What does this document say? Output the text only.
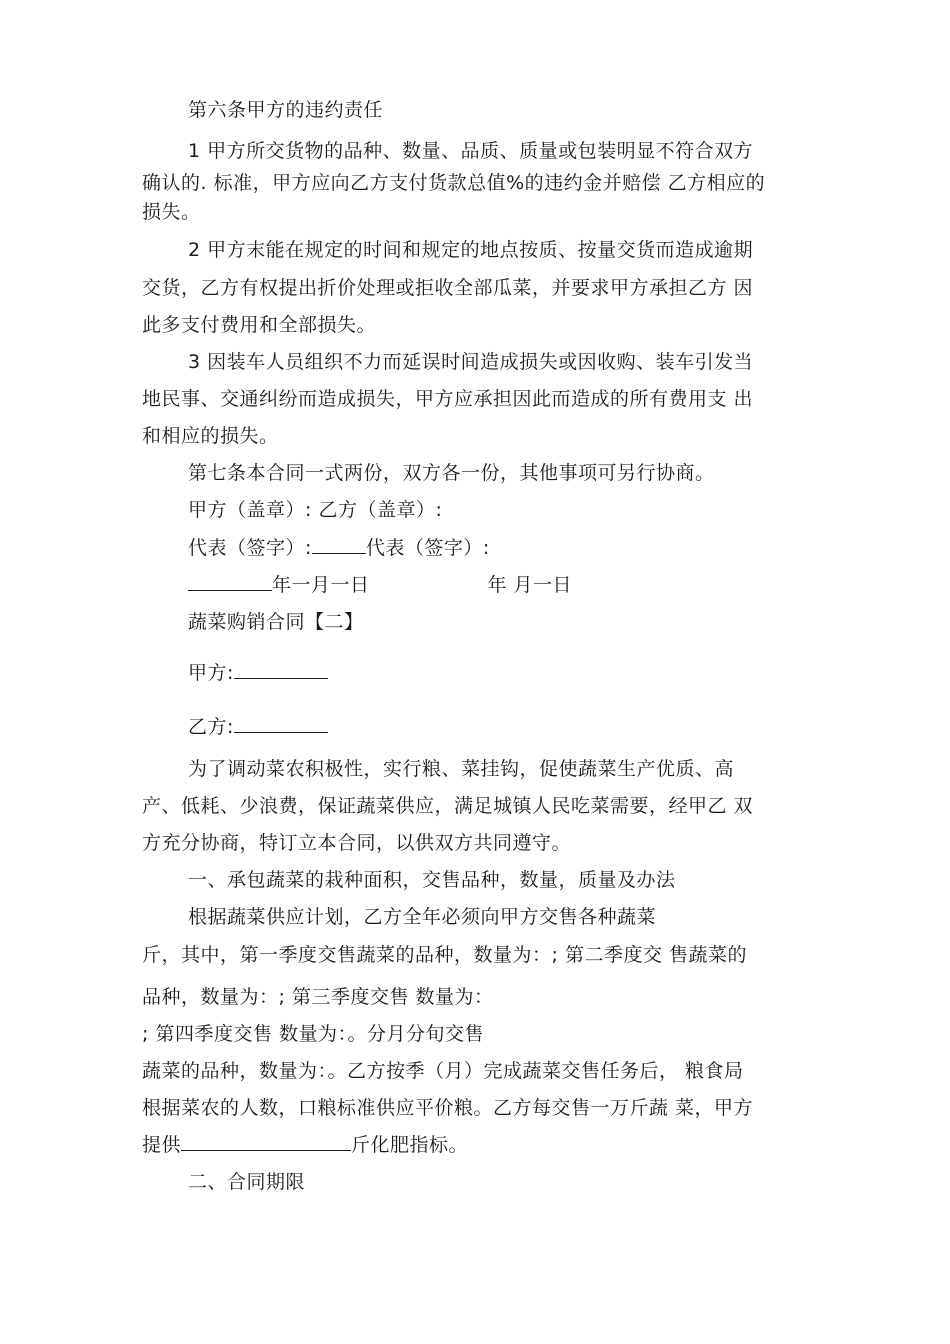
第六条甲方的违约责任
1 甲方所交货物的品种、数量、品质、质量或包装明显不符合双方
确认的. 标准，甲方应向乙方支付货款总值%的违约金并赔偿 乙方相应的
损失。
2 甲方末能在规定的时间和规定的地点按质、按量交货而造成逾期
交货，乙方有权提出折价处理或拒收全部瓜菜，并要求甲方承担乙方 因
此多支付费用和全部损失。
3 因装车人员组织不力而延误时间造成损失或因收购、装车引发当
地民事、交通纠纷而造成损失，甲方应承担因此而造成的所有费用支 出
和相应的损失。
第七条本合同一式两份，双方各一份，其他事项可另行协商。
甲方（盖章）: 乙方（盖章）:
代表（签字）:	代表（签字）:
年一月一日	年 月一日
蔬菜购销合同【二】
甲方:
乙方:
为了调动菜农积极性，实行粮、菜挂钩，促使蔬菜生产优质、高
产、低耗、少浪费，保证蔬菜供应，满足城镇人民吃菜需要，经甲乙 双
方充分协商，特订立本合同，以供双方共同遵守。
一、承包蔬菜的栽种面积，交售品种，数量，质量及办法
根据蔬菜供应计划，乙方全年必须向甲方交售各种蔬菜
斤，其中，第一季度交售蔬菜的品种，数量为：; 第二季度交 售蔬菜的
品种，数量为：; 第三季度交售 数量为：
; 第四季度交售 数量为：。分月分旬交售
蔬菜的品种，数量为：。乙方按季（月）完成蔬菜交售任务后， 粮食局
根据菜农的人数，口粮标准供应平价粮。乙方每交售一万斤蔬 菜，甲方
提供	斤化肥指标。
二、合同期限
